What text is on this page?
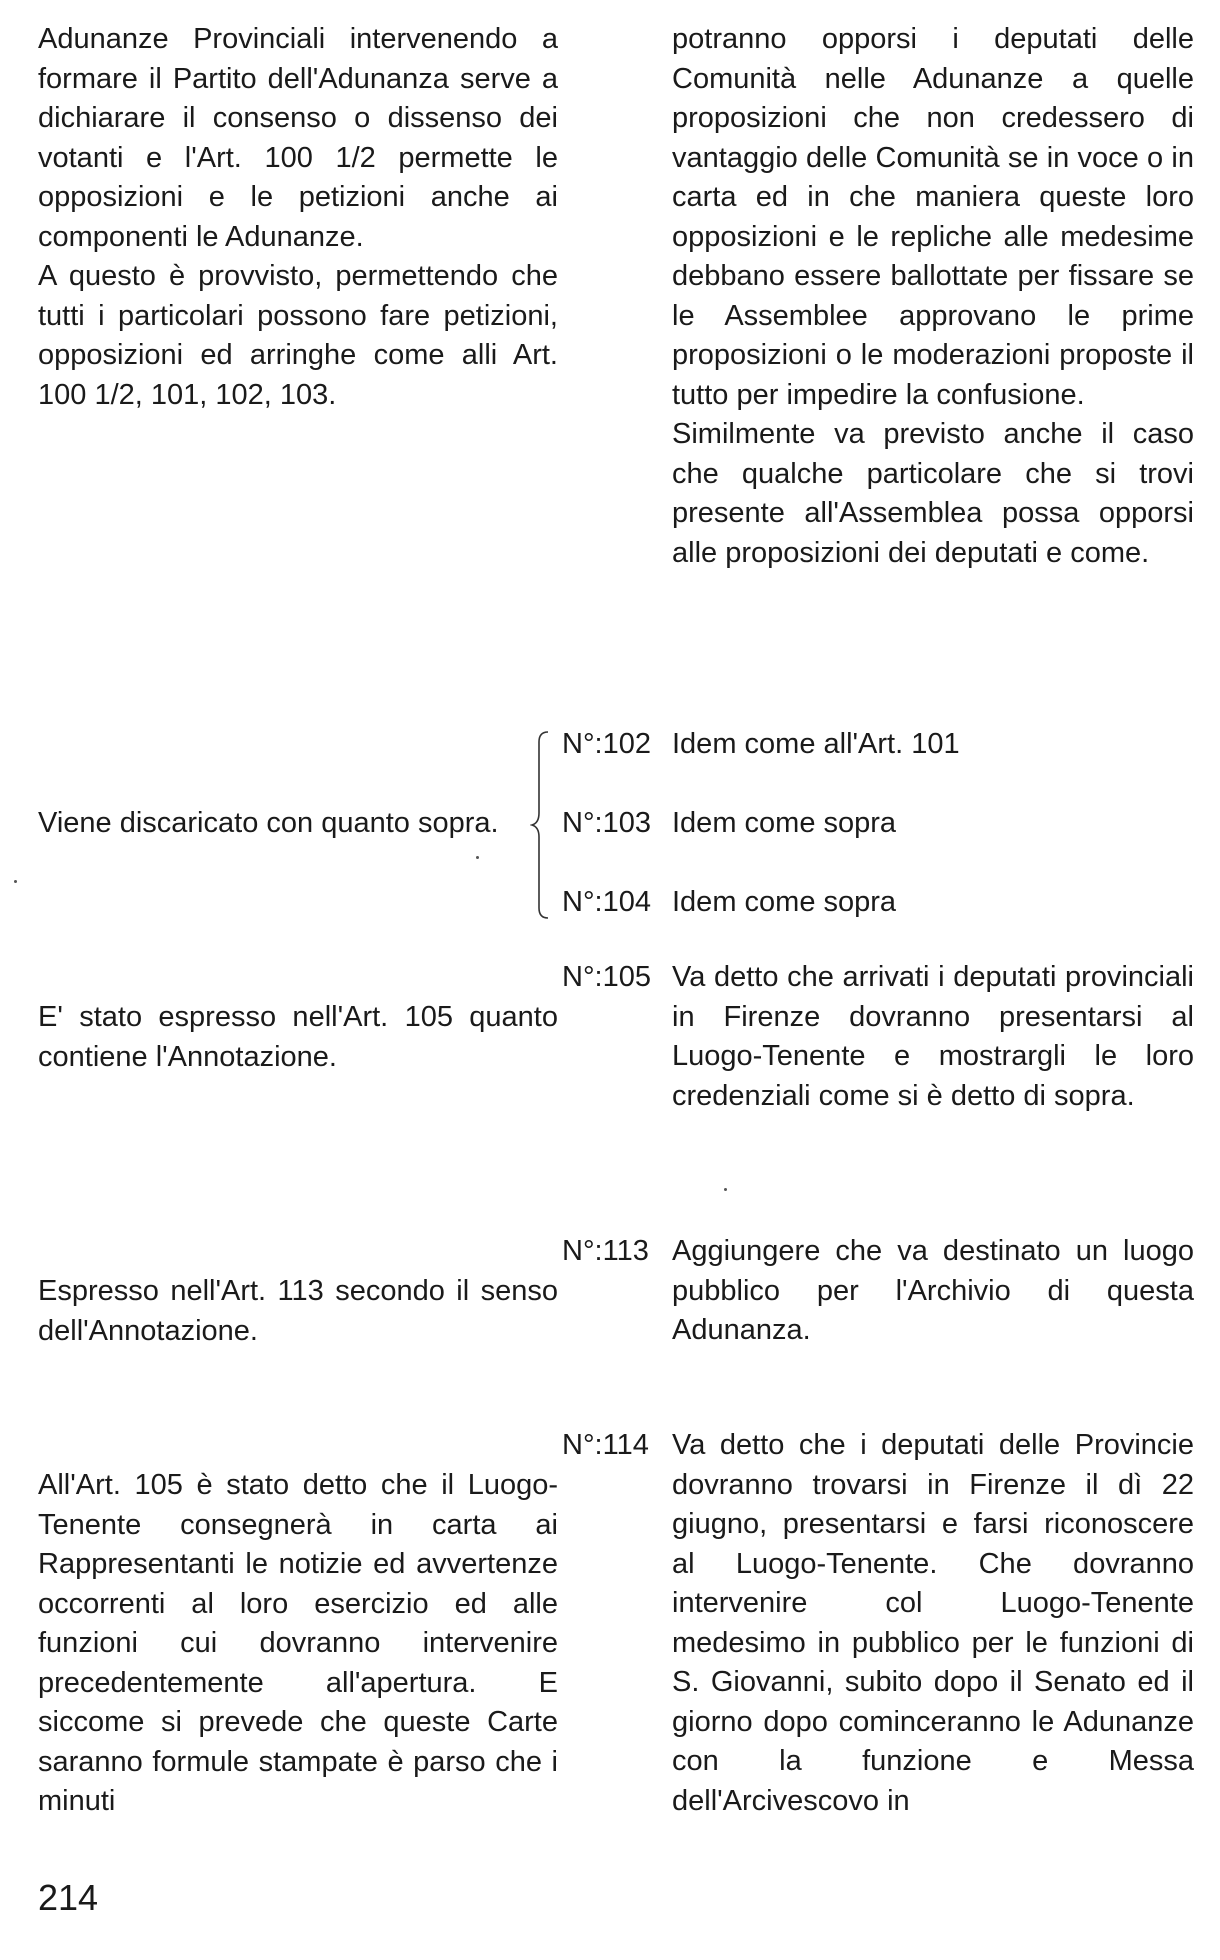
Adunanze Provinciali intervenendo a formare il Partito dell'Adunanza serve a dichiarare il consenso o dissenso dei votanti e l'Art. 100 1/2 permette le opposizioni e le petizioni anche ai componenti le Adunanze.

A questo è provvisto, permettendo che tutti i particolari possono fare petizioni, opposizioni ed arringhe come alli Art. 100 1/2, 101, 102, 103.

potranno opporsi i deputati delle Comunità nelle Adunanze a quelle proposizioni che non credessero di vantaggio delle Comunità se in voce o in carta ed in che maniera queste loro opposizioni e le repliche alle medesime debbano essere ballottate per fissare se le Assemblee approvano le prime proposizioni o le moderazioni proposte il tutto per impedire la confusione.

Similmente va previsto anche il caso che qualche particolare che si trovi presente all'Assemblea possa opporsi alle proposizioni dei deputati e come.

Viene discaricato con quanto sopra.

E' stato espresso nell'Art. 105 quanto contiene l'Annotazione.

Espresso nell'Art. 113 secondo il senso dell'Annotazione.

All'Art. 105 è stato detto che il Luogo-Tenente consegnerà in carta ai Rappresentanti le notizie ed avvertenze occorrenti al loro esercizio ed alle funzioni cui dovranno intervenire precedentemente all'apertura. E siccome si prevede che queste Carte saranno formule stampate è parso che i minuti

N°:102 Idem come all'Art. 101
N°:103 Idem come sopra
N°:104 Idem come sopra
N°:105 Va detto che arrivati i deputati provinciali in Firenze dovranno presentarsi al Luogo-Tenente e mostrargli le loro credenziali come si è detto di sopra.
N°:113 Aggiungere che va destinato un luogo pubblico per l'Archivio di questa Adunanza.
N°:114 Va detto che i deputati delle Provincie dovranno trovarsi in Firenze il dì 22 giugno, presentarsi e farsi riconoscere al Luogo-Tenente. Che dovranno intervenire col Luogo-Tenente medesimo in pubblico per le funzioni di S. Giovanni, subito dopo il Senato ed il giorno dopo cominceranno le Adunanze con la funzione e Messa dell'Arcivescovo in
214
